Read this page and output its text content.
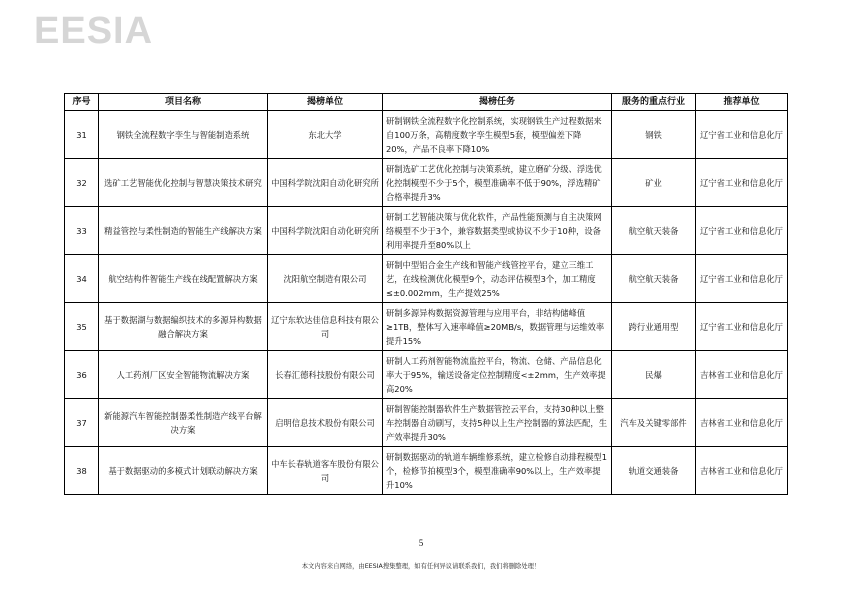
EESIA
序号	项目名称	揭榜单位	揭榜任务	服务的重点行业	推荐单位
31	钢铁全流程数字孪生与智能制造系统	东北大学	研制钢铁全流程数字化控制系统，实现钢铁生产过程数据来自100万条，高精度数字孪生模型5套，模型偏差下降20%，产品不良率下降10%	钢铁	辽宁省工业和信息化厅
32	选矿工艺智能优化控制与智慧决策技术研究	中国科学院沈阳自动化研究所	研制选矿工艺优化控制与决策系统，建立磨矿分级、浮选优化控制模型不少于5个，模型准确率不低于90%，浮选精矿合格率提升3%	矿业	辽宁省工业和信息化厅
33	精益管控与柔性制造的智能生产线解决方案	中国科学院沈阳自动化研究所	研制工艺智能决策与优化软件，产品性能预测与自主决策网络模型不少于3个，兼容数据类型或协议不少于10种，设备利用率提升至80%以上	航空航天装备	辽宁省工业和信息化厅
34	航空结构件智能生产线在线配置解决方案	沈阳航空制造有限公司	研制中型铝合金生产线和智能产线管控平台，建立三维工艺，在线检测优化模型9个，动态评估模型3个，加工精度≤±0.002mm，生产提效25%	航空航天装备	辽宁省工业和信息化厅
35	基于数据湖与数据编织技术的多源异构数据融合解决方案	辽宁东软达佳信息科技有限公司	研制多源异构数据资源管理与应用平台，非结构储峰值≥1TB，整体写入速率峰值≥20MB/s，数据管理与运维效率提升15%	跨行业通用型	辽宁省工业和信息化厅
36	人工药剂厂区安全智能物流解决方案	长春汇德科技股份有限公司	研制人工药剂智能物流监控平台，物流、仓储、产品信息化率大于95%，输送设备定位控制精度<±2mm，生产效率提高20%	民爆	吉林省工业和信息化厅
37	新能源汽车智能控制器柔性制造产线平台解决方案	启明信息技术股份有限公司	研制智能控制器软件生产数据管控云平台，支持30种以上整车控制器自动刷写，支持5种以上生产控制器的算法匹配，生产效率提升30%	汽车及关键零部件	吉林省工业和信息化厅
38	基于数据驱动的多模式计划联动解决方案	中车长春轨道客车股份有限公司	研制数据驱动的轨道车辆维修系统，建立检修自动排程模型1个，检修节拍模型3个，模型准确率90%以上，生产效率提升10%	轨道交通装备	吉林省工业和信息化厅
5
本文内容来自网络，由EESIA搜集整理，如有任何异议请联系我们，我们将删除处理！
